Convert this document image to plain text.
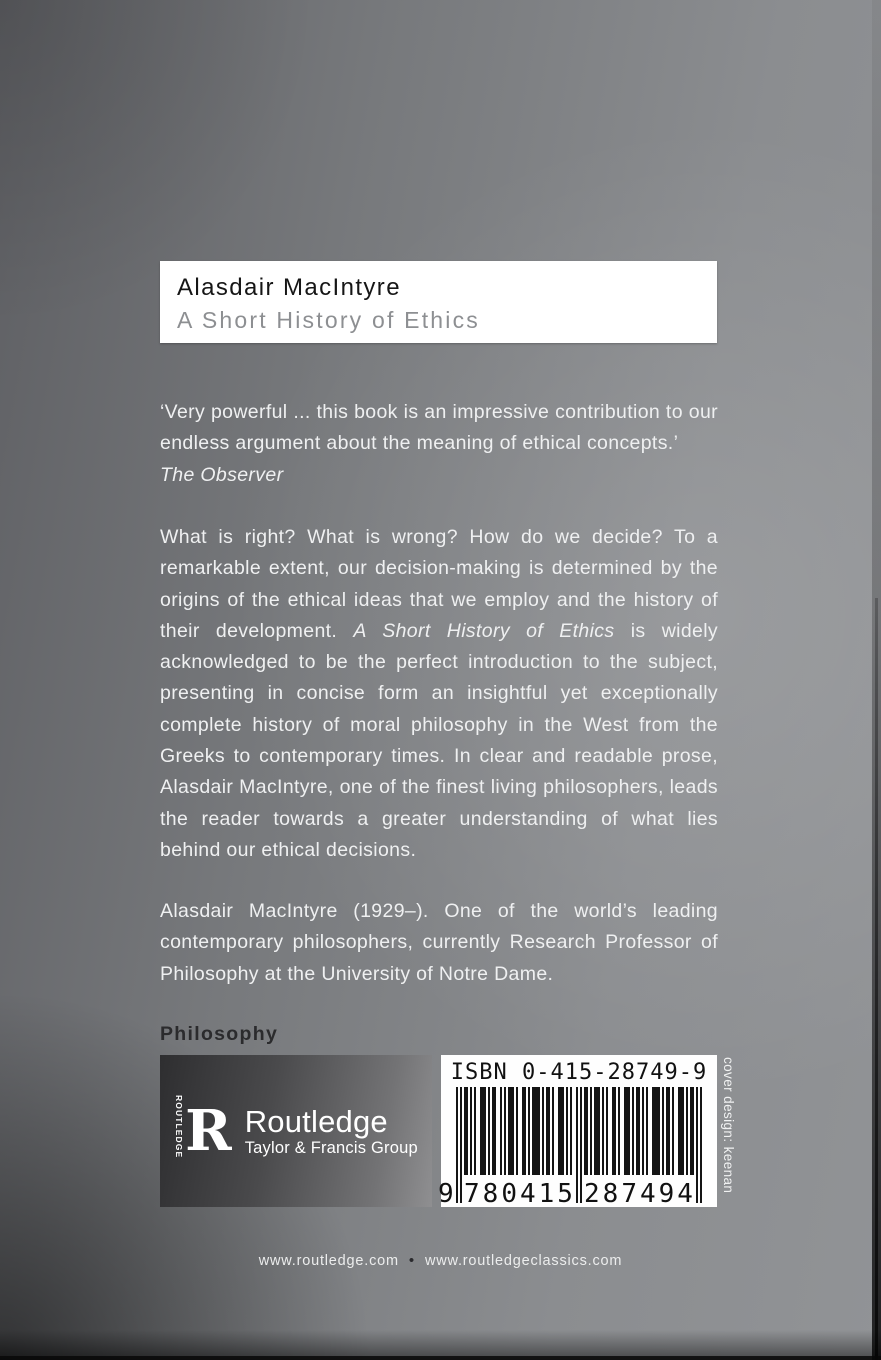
Alasdair MacIntyre
A Short History of Ethics

‘Very powerful ... this book is an impressive contribution to our endless argument about the meaning of ethical concepts.’

The Observer

What is right? What is wrong? How do we decide? To a remarkable extent, our decision-making is determined by the origins of the ethical ideas that we employ and the history of their development. A Short History of Ethics is widely acknowledged to be the perfect introduction to the subject, presenting in concise form an insightful yet exceptionally complete history of moral philosophy in the West from the Greeks to contemporary times. In clear and readable prose, Alasdair MacIntyre, one of the finest living philosophers, leads the reader towards a greater understanding of what lies behind our ethical decisions.

Alasdair MacIntyre (1929–). One of the world’s leading contemporary philosophers, currently Research Professor of Philosophy at the University of Notre Dame.

Philosophy
ROUTLEDGE R Routledge
Taylor & Francis Group
ISBN 0-415-28749-9
9 780415 287494
cover design: keenan
www.routledge.com • www.routledgeclassics.com
